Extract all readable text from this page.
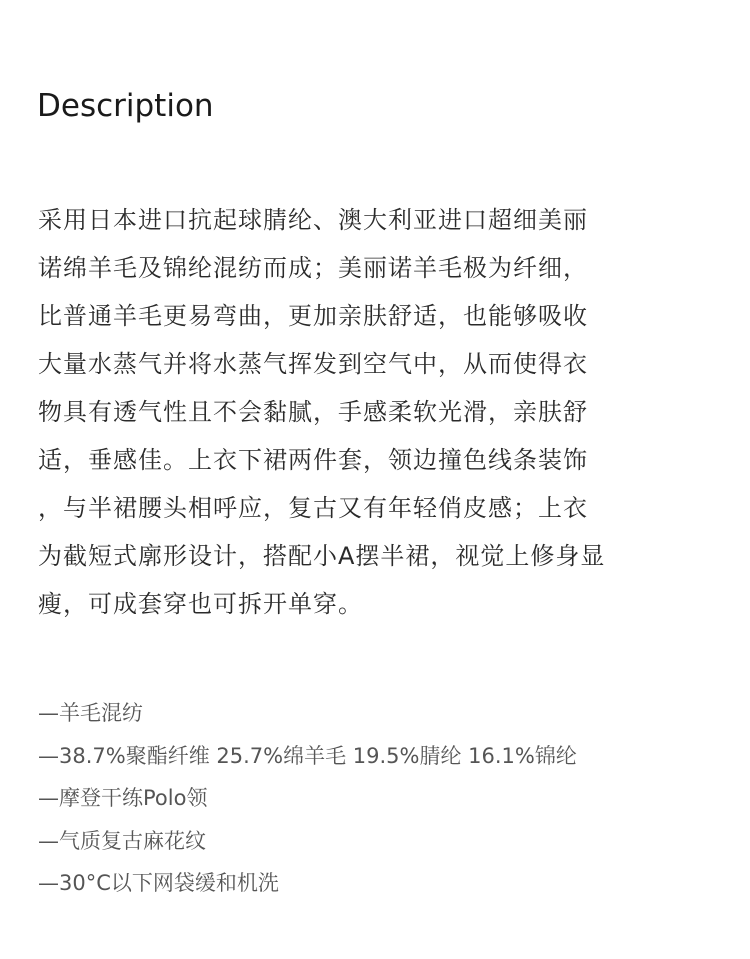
Description
采用日本进口抗起球腈纶、澳大利亚进口超细美丽
诺绵羊毛及锦纶混纺而成；美丽诺羊毛极为纤细，
比普通羊毛更易弯曲，更加亲肤舒适，也能够吸收
大量水蒸气并将水蒸气挥发到空气中，从而使得衣
物具有透气性且不会黏腻，手感柔软光滑，亲肤舒
适，垂感佳。上衣下裙两件套，领边撞色线条装饰
，与半裙腰头相呼应，复古又有年轻俏皮感；上衣
为截短式廓形设计，搭配小A摆半裙，视觉上修身显
瘦，可成套穿也可拆开单穿。
—羊毛混纺
—38.7%聚酯纤维 25.7%绵羊毛 19.5%腈纶 16.1%锦纶
—摩登干练Polo领
—气质复古麻花纹
—30°C以下网袋缓和机洗
